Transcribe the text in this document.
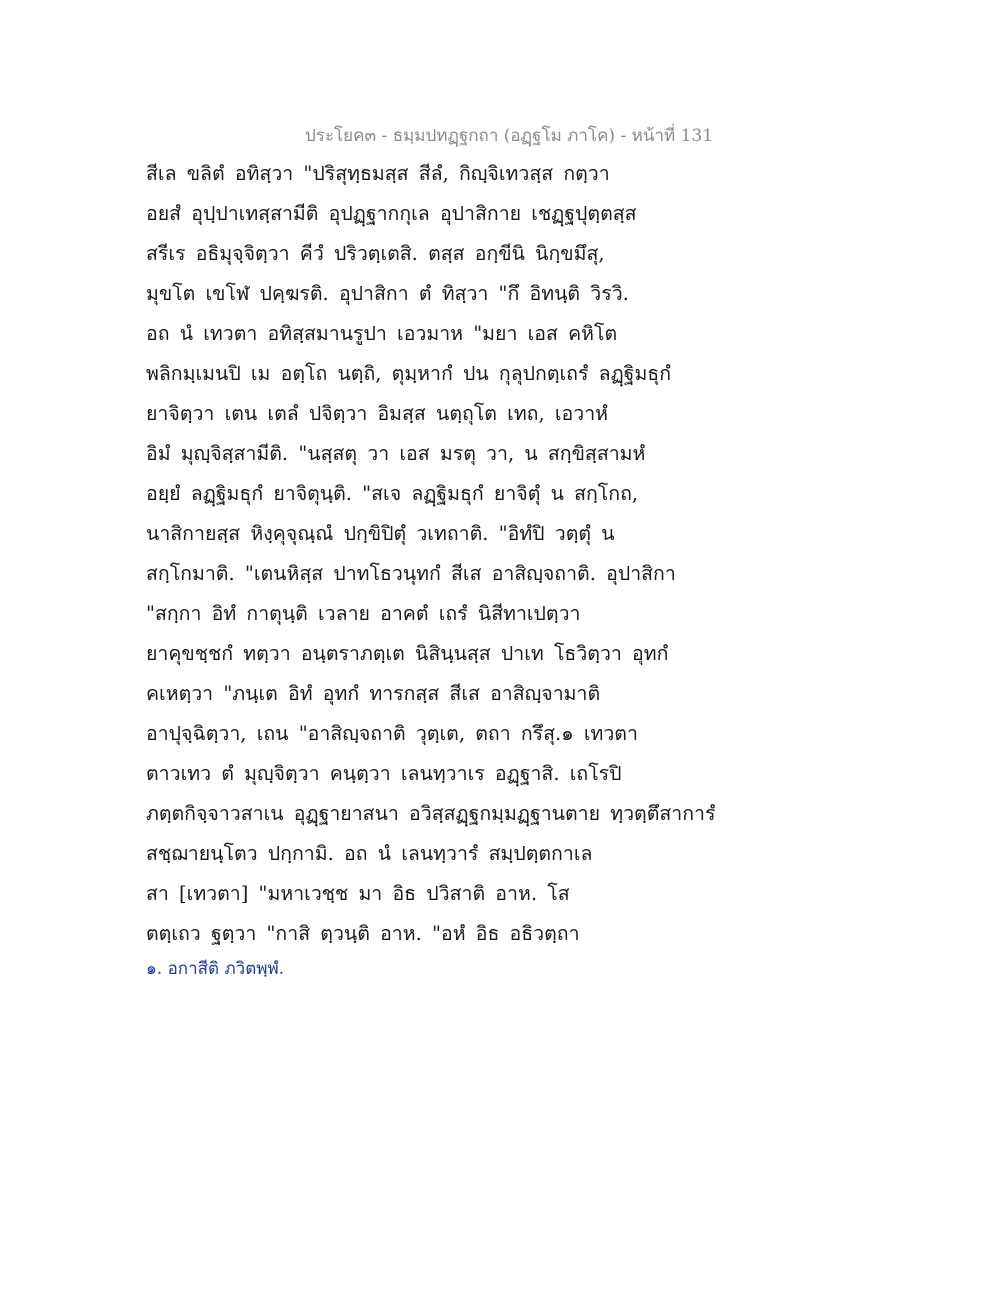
ประโยค๓ - ธมฺมปทฏฺฐกถา (อฏฺฐโม ภาโค) - หน้าที่ 131
สีเล ขลิตํ อทิสฺวา "ปริสุทฺธมสฺส สีลํ, กิญฺจิเทวสฺส กตฺวา
อยสํ อุปฺปาเทสฺสามีติ อุปฏฺฐากกุเล อุปาสิกาย เชฏฺฐปุตฺตสฺส
สรีเร อธิมุจฺจิตฺวา คีวํ ปริวตฺเตสิ. ตสฺส อกฺขีนิ นิกฺขมึสุ,
มุขโต เขโฬ ปคฺฆรติ. อุปาสิกา ตํ ทิสฺวา "กึ อิทนฺติ วิรวิ.
อถ นํ เทวตา อทิสฺสมานรูปา เอวมาห "มยา เอส คหิโต
พลิกมฺเมนปิ เม อตฺโถ นตฺถิ, ตุมฺหากํ ปน กุลุปกตฺเถรํ ลฏฺฐิมธุกํ
ยาจิตฺวา เตน เตลํ ปจิตฺวา อิมสฺส นตฺถุโต เทถ, เอวาหํ
อิมํ มุญฺจิสฺสามีติ. "นสฺสตุ วา เอส มรตุ วา, น สกฺขิสฺสามหํ
อยฺยํ ลฏฺฐิมธุกํ ยาจิตุนฺติ. "สเจ ลฏฺฐิมธุกํ ยาจิตุํ น สกฺโกถ,
นาสิกายสฺส หิงฺคุจุณฺณํ ปกฺขิปิตุํ วเทถาติ. "อิทํปิ วตฺตุํ น
สกฺโกมาติ. "เตนหิสฺส ปาทโธวนุทกํ สีเส อาสิญฺจถาติ. อุปาสิกา
"สกฺกา อิทํ กาตุนฺติ เวลาย อาคตํ เถรํ นิสีทาเปตฺวา
ยาคุขชฺชกํ ทตฺวา อนฺตราภตฺเต นิสินฺนสฺส ปาเท โธวิตฺวา อุทกํ
คเหตฺวา "ภนฺเต อิทํ อุทกํ ทารกสฺส สีเส อาสิญฺจามาติ
อาปุจฺฉิตฺวา, เถน "อาสิญฺจถาติ วุตฺเต, ตถา กรึสุ.๑ เทวตา
ตาวเทว ตํ มุญฺจิตฺวา คนฺตฺวา เลนทฺวาเร อฏฺฐาสิ. เถโรปิ
ภตฺตกิจฺจาวสาเน อุฏฺฐายาสนา อวิสฺสฏฺฐกมฺมฏฺฐานตาย ทฺวตฺตึสาการํ
สชฺฌายนฺโตว ปกฺกามิ. อถ นํ เลนทฺวารํ สมฺปตฺตกาเล
สา [เทวตา] "มหาเวชฺช มา อิธ ปวิสาติ อาห. โส
ตตฺเถว ฐตฺวา "กาสิ ตฺวนฺติ อาห. "อหํ อิธ อธิวตฺถา
๑. อกาสีติ ภวิตพฺพํ.
